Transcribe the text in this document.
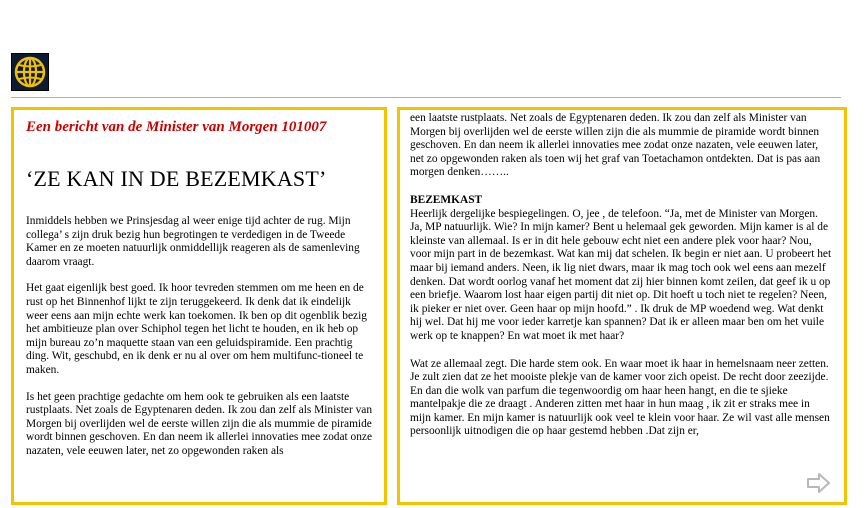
Een bericht van de Minister van Morgen 101007
‘ZE KAN IN DE BEZEMKAST’

Inmiddels hebben we Prinsjesdag al weer enige tijd achter de rug. Mijn collega’ s zijn druk bezig hun begrotingen te verdedigen in de Tweede Kamer en ze moeten natuurlijk onmiddellijk reageren als de samenleving daarom vraagt.

Het gaat eigenlijk best goed. Ik hoor tevreden stemmen om me heen en de rust op het Binnenhof lijkt te zijn teruggekeerd. Ik denk dat ik eindelijk weer eens aan mijn echte werk kan toekomen. Ik ben op dit ogenblik bezig het ambitieuze plan over Schiphol tegen het licht te houden, en ik heb op mijn bureau zo’n maquette staan van een geluidspiramide. Een prachtig ding. Wit, geschubd, en ik denk er nu al over om hem multifunc-tioneel te maken.

Is het geen prachtige gedachte om hem ook te gebruiken als een laatste rustplaats. Net zoals de Egyptenaren deden. Ik zou dan zelf als Minister van Morgen bij overlijden wel de eerste willen zijn die als mummie de piramide wordt binnen geschoven. En dan neem ik allerlei innovaties mee zodat onze nazaten, vele eeuwen later, net zo opgewonden raken als

een laatste rustplaats. Net zoals de Egyptenaren deden. Ik zou dan zelf als Minister van Morgen bij overlijden wel de eerste willen zijn die als mummie de piramide wordt binnen geschoven. En dan neem ik allerlei innovaties mee zodat onze nazaten, vele eeuwen later, net zo opgewonden raken als toen wij het graf van Toetachamon ontdekten. Dat is pas aan morgen denken……..

BEZEMKAST

Heerlijk dergelijke bespiegelingen. O, jee , de telefoon. “Ja, met de Minister van Morgen. Ja, MP natuurlijk. Wie? In mijn kamer? Bent u helemaal gek geworden. Mijn kamer is al de kleinste van allemaal. Is er in dit hele gebouw echt niet een andere plek voor haar? Nou, voor mijn part in de bezemkast. Wat kan mij dat schelen. Ik begin er niet aan. U probeert het maar bij iemand anders. Neen, ik lig niet dwars, maar ik mag toch ook wel eens aan mezelf denken. Dat wordt oorlog vanaf het moment dat zij hier binnen komt zeilen, dat geef ik u op een briefje. Waarom lost haar eigen partij dit niet op. Dit hoeft u toch niet te regelen? Neen, ik pieker er niet over. Geen haar op mijn hoofd.” . Ik druk de MP woedend weg. Wat denkt hij wel. Dat hij me voor ieder karretje kan spannen? Dat ik er alleen maar ben om het vuile werk op te knappen? En wat moet ik met haar?

Wat ze allemaal zegt. Die harde stem ook. En waar moet ik haar in hemelsnaam neer zetten. Je zult zien dat ze het mooiste plekje van de kamer voor zich opeist. De recht door zeezijde. En dan die wolk van parfum die tegenwoordig om haar heen hangt, en die te sjieke mantelpakje die ze draagt . Anderen zitten met haar in hun maag , ik zit er straks mee in mijn kamer. En mijn kamer is natuurlijk ook veel te klein voor haar. Ze wil vast alle mensen persoonlijk uitnodigen die op haar gestemd hebben .Dat zijn er,
